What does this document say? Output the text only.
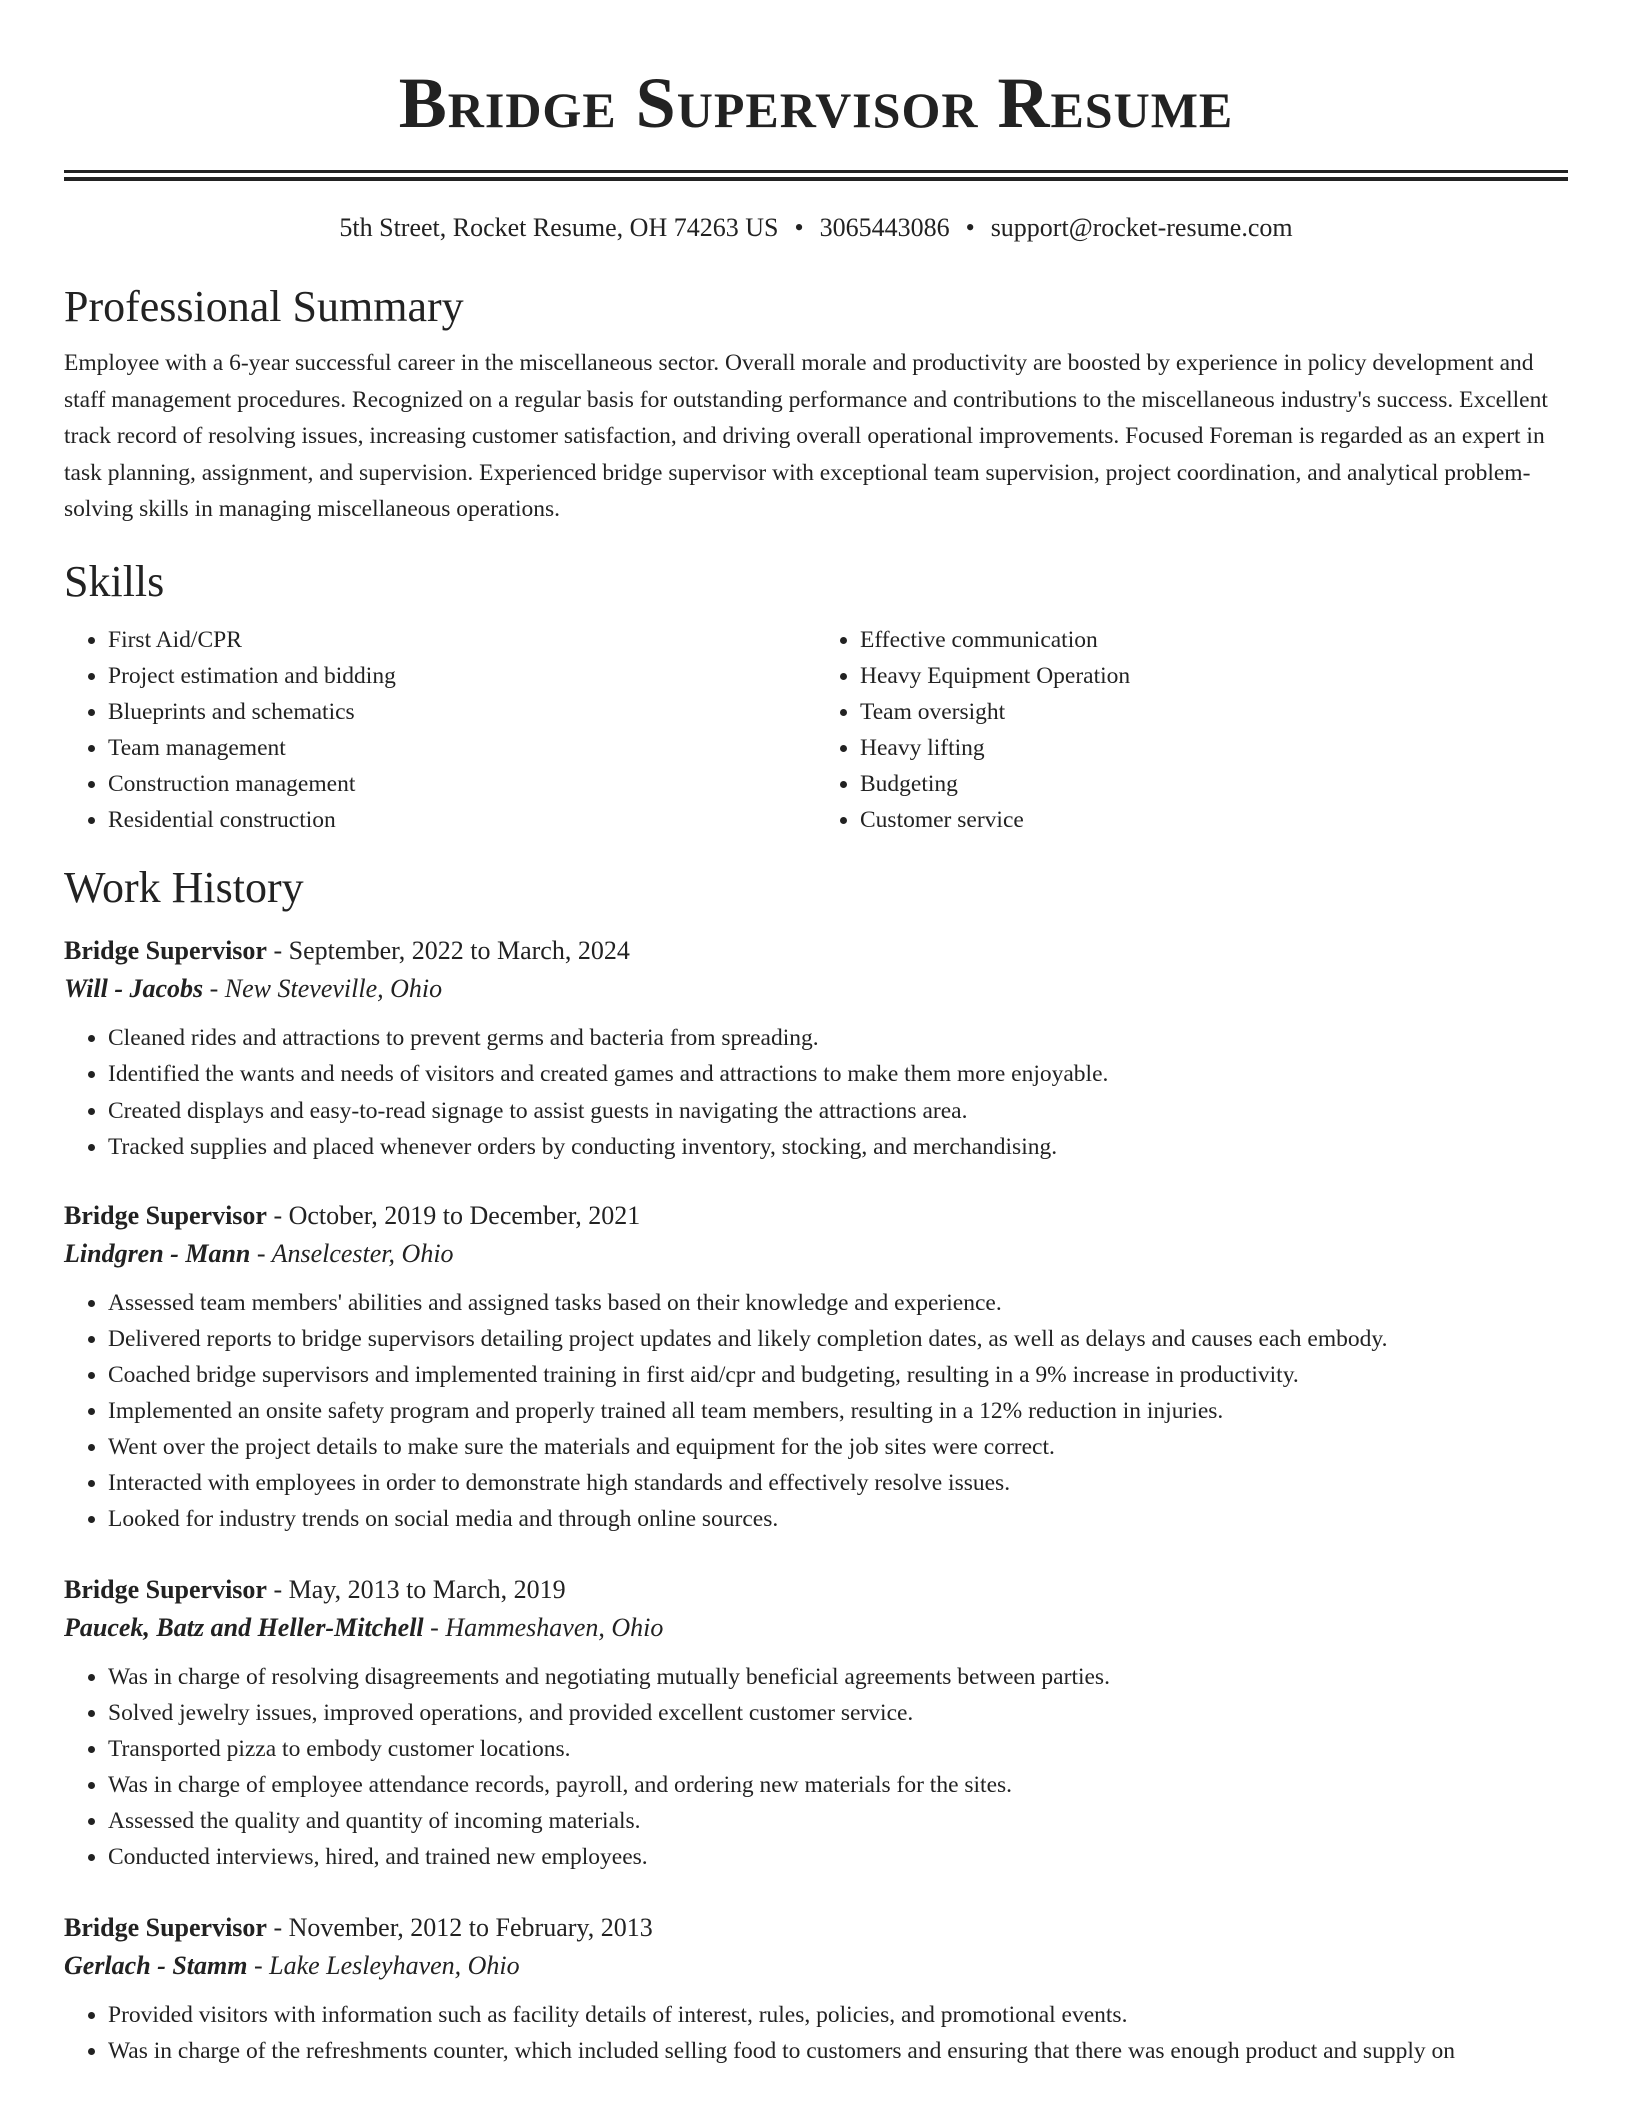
Bridge Supervisor Resume
5th Street, Rocket Resume, OH 74263 US • 3065443086 • support@rocket-resume.com
Professional Summary

Employee with a 6-year successful career in the miscellaneous sector. Overall morale and productivity are boosted by experience in policy development and staff management procedures. Recognized on a regular basis for outstanding performance and contributions to the miscellaneous industry's success. Excellent track record of resolving issues, increasing customer satisfaction, and driving overall operational improvements. Focused Foreman is regarded as an expert in task planning, assignment, and supervision. Experienced bridge supervisor with exceptional team supervision, project coordination, and analytical problem-solving skills in managing miscellaneous operations.

Skills
• First Aid/CPR
• Project estimation and bidding
• Blueprints and schematics
• Team management
• Construction management
• Residential construction
• Effective communication
• Heavy Equipment Operation
• Team oversight
• Heavy lifting
• Budgeting
• Customer service
Work History
Bridge Supervisor - September, 2022 to March, 2024
Will - Jacobs - New Steveville, Ohio
• Cleaned rides and attractions to prevent germs and bacteria from spreading.
• Identified the wants and needs of visitors and created games and attractions to make them more enjoyable.
• Created displays and easy-to-read signage to assist guests in navigating the attractions area.
• Tracked supplies and placed whenever orders by conducting inventory, stocking, and merchandising.
Bridge Supervisor - October, 2019 to December, 2021
Lindgren - Mann - Anselcester, Ohio
• Assessed team members' abilities and assigned tasks based on their knowledge and experience.
• Delivered reports to bridge supervisors detailing project updates and likely completion dates, as well as delays and causes each embody.
• Coached bridge supervisors and implemented training in first aid/cpr and budgeting, resulting in a 9% increase in productivity.
• Implemented an onsite safety program and properly trained all team members, resulting in a 12% reduction in injuries.
• Went over the project details to make sure the materials and equipment for the job sites were correct.
• Interacted with employees in order to demonstrate high standards and effectively resolve issues.
• Looked for industry trends on social media and through online sources.
Bridge Supervisor - May, 2013 to March, 2019
Paucek, Batz and Heller-Mitchell - Hammeshaven, Ohio
• Was in charge of resolving disagreements and negotiating mutually beneficial agreements between parties.
• Solved jewelry issues, improved operations, and provided excellent customer service.
• Transported pizza to embody customer locations.
• Was in charge of employee attendance records, payroll, and ordering new materials for the sites.
• Assessed the quality and quantity of incoming materials.
• Conducted interviews, hired, and trained new employees.
Bridge Supervisor - November, 2012 to February, 2013
Gerlach - Stamm - Lake Lesleyhaven, Ohio
• Provided visitors with information such as facility details of interest, rules, policies, and promotional events.
• Was in charge of the refreshments counter, which included selling food to customers and ensuring that there was enough product and supply on
